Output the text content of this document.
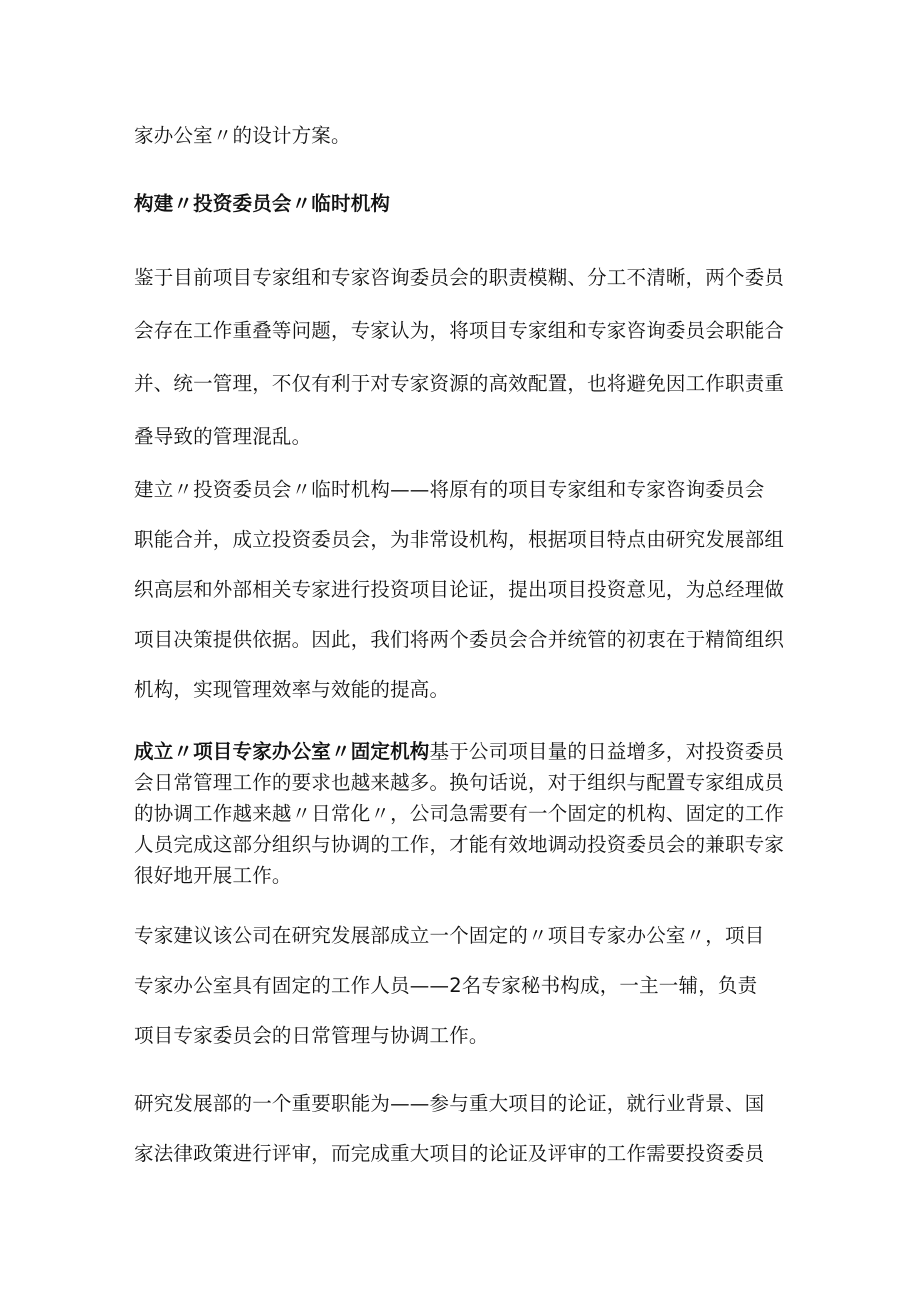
家办公室〃的设计方案。

构建〃投资委员会〃临时机构

鉴于目前项目专家组和专家咨询委员会的职责模糊、分工不清晰，两个委员
会存在工作重叠等问题，专家认为，将项目专家组和专家咨询委员会职能合
并、统一管理，不仅有利于对专家资源的高效配置，也将避免因工作职责重
叠导致的管理混乱。

建立〃投资委员会〃临时机构——将原有的项目专家组和专家咨询委员会
职能合并，成立投资委员会，为非常设机构，根据项目特点由研究发展部组
织高层和外部相关专家进行投资项目论证，提出项目投资意见，为总经理做
项目决策提供依据。因此，我们将两个委员会合并统管的初衷在于精简组织
机构，实现管理效率与效能的提高。

成立〃项目专家办公室〃固定机构基于公司项目量的日益增多，对投资委员
会日常管理工作的要求也越来越多。换句话说，对于组织与配置专家组成员
的协调工作越来越〃日常化〃，公司急需要有一个固定的机构、固定的工作
人员完成这部分组织与协调的工作，才能有效地调动投资委员会的兼职专家
很好地开展工作。

专家建议该公司在研究发展部成立一个固定的〃项目专家办公室〃，项目
专家办公室具有固定的工作人员——2名专家秘书构成，一主一辅，负责
项目专家委员会的日常管理与协调工作。

研究发展部的一个重要职能为——参与重大项目的论证，就行业背景、国
家法律政策进行评审，而完成重大项目的论证及评审的工作需要投资委员
